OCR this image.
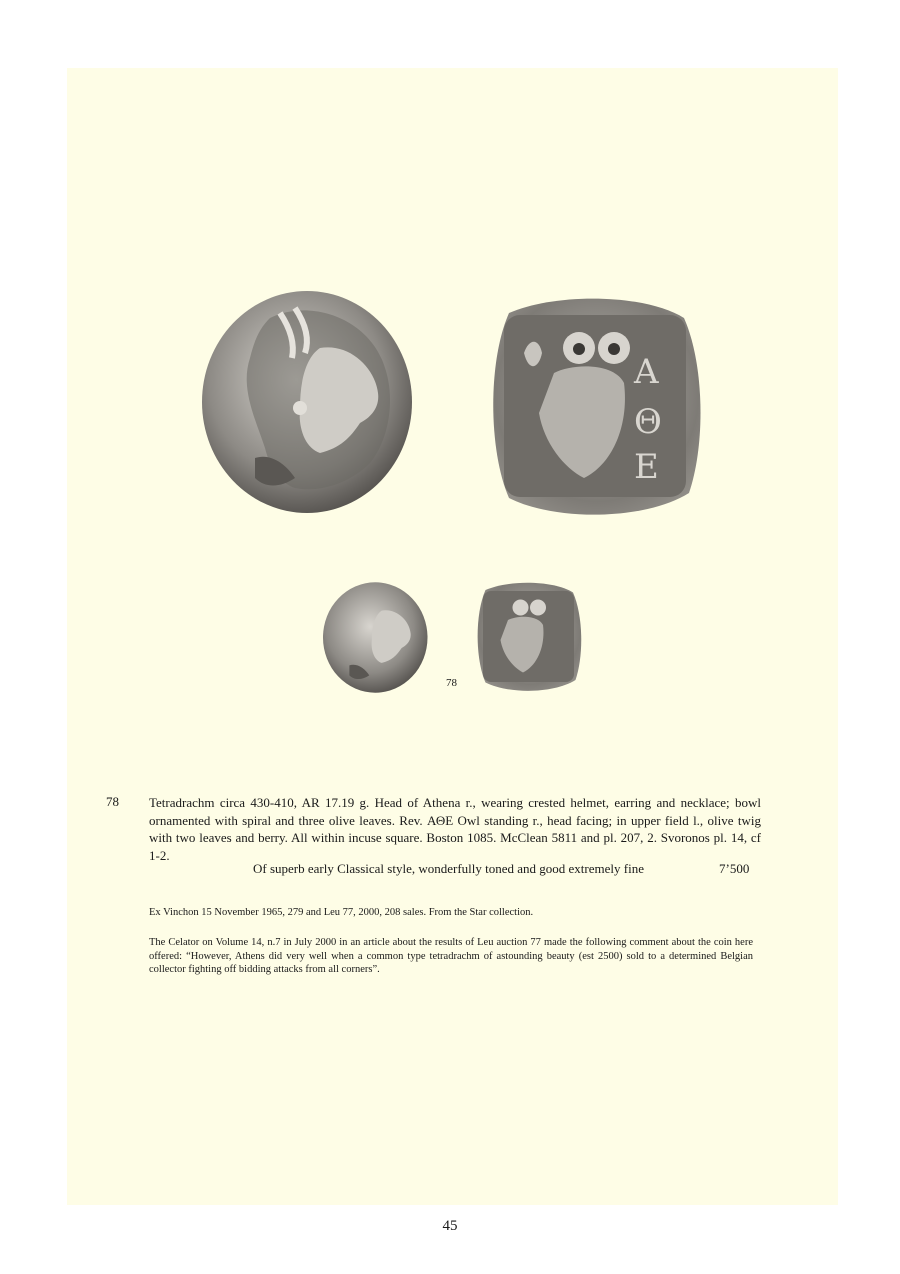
Α
Θ
Ε
78
78 Tetradrachm circa 430-410, AR 17.19 g. Head of Athena r., wearing crested helmet, earring and necklace; bowl ornamented with spiral and three olive leaves. Rev. ΑΘΕ Owl standing r., head facing; in upper field l., olive twig with two leaves and berry. All within incuse square. Boston 1085. McClean 5811 and pl. 207, 2. Svoronos pl. 14, cf 1-2.

Of superb early Classical style, wonderfully toned and good extremely fine	7’500
Ex Vinchon 15 November 1965, 279 and Leu 77, 2000, 208 sales. From the Star collection.
The Celator on Volume 14, n.7 in July 2000 in an article about the results of Leu auction 77 made the following comment about the coin here offered: “However, Athens did very well when a common type tetradrachm of astounding beauty (est 2500) sold to a determined Belgian collector fighting off bidding attacks from all corners”.
45
